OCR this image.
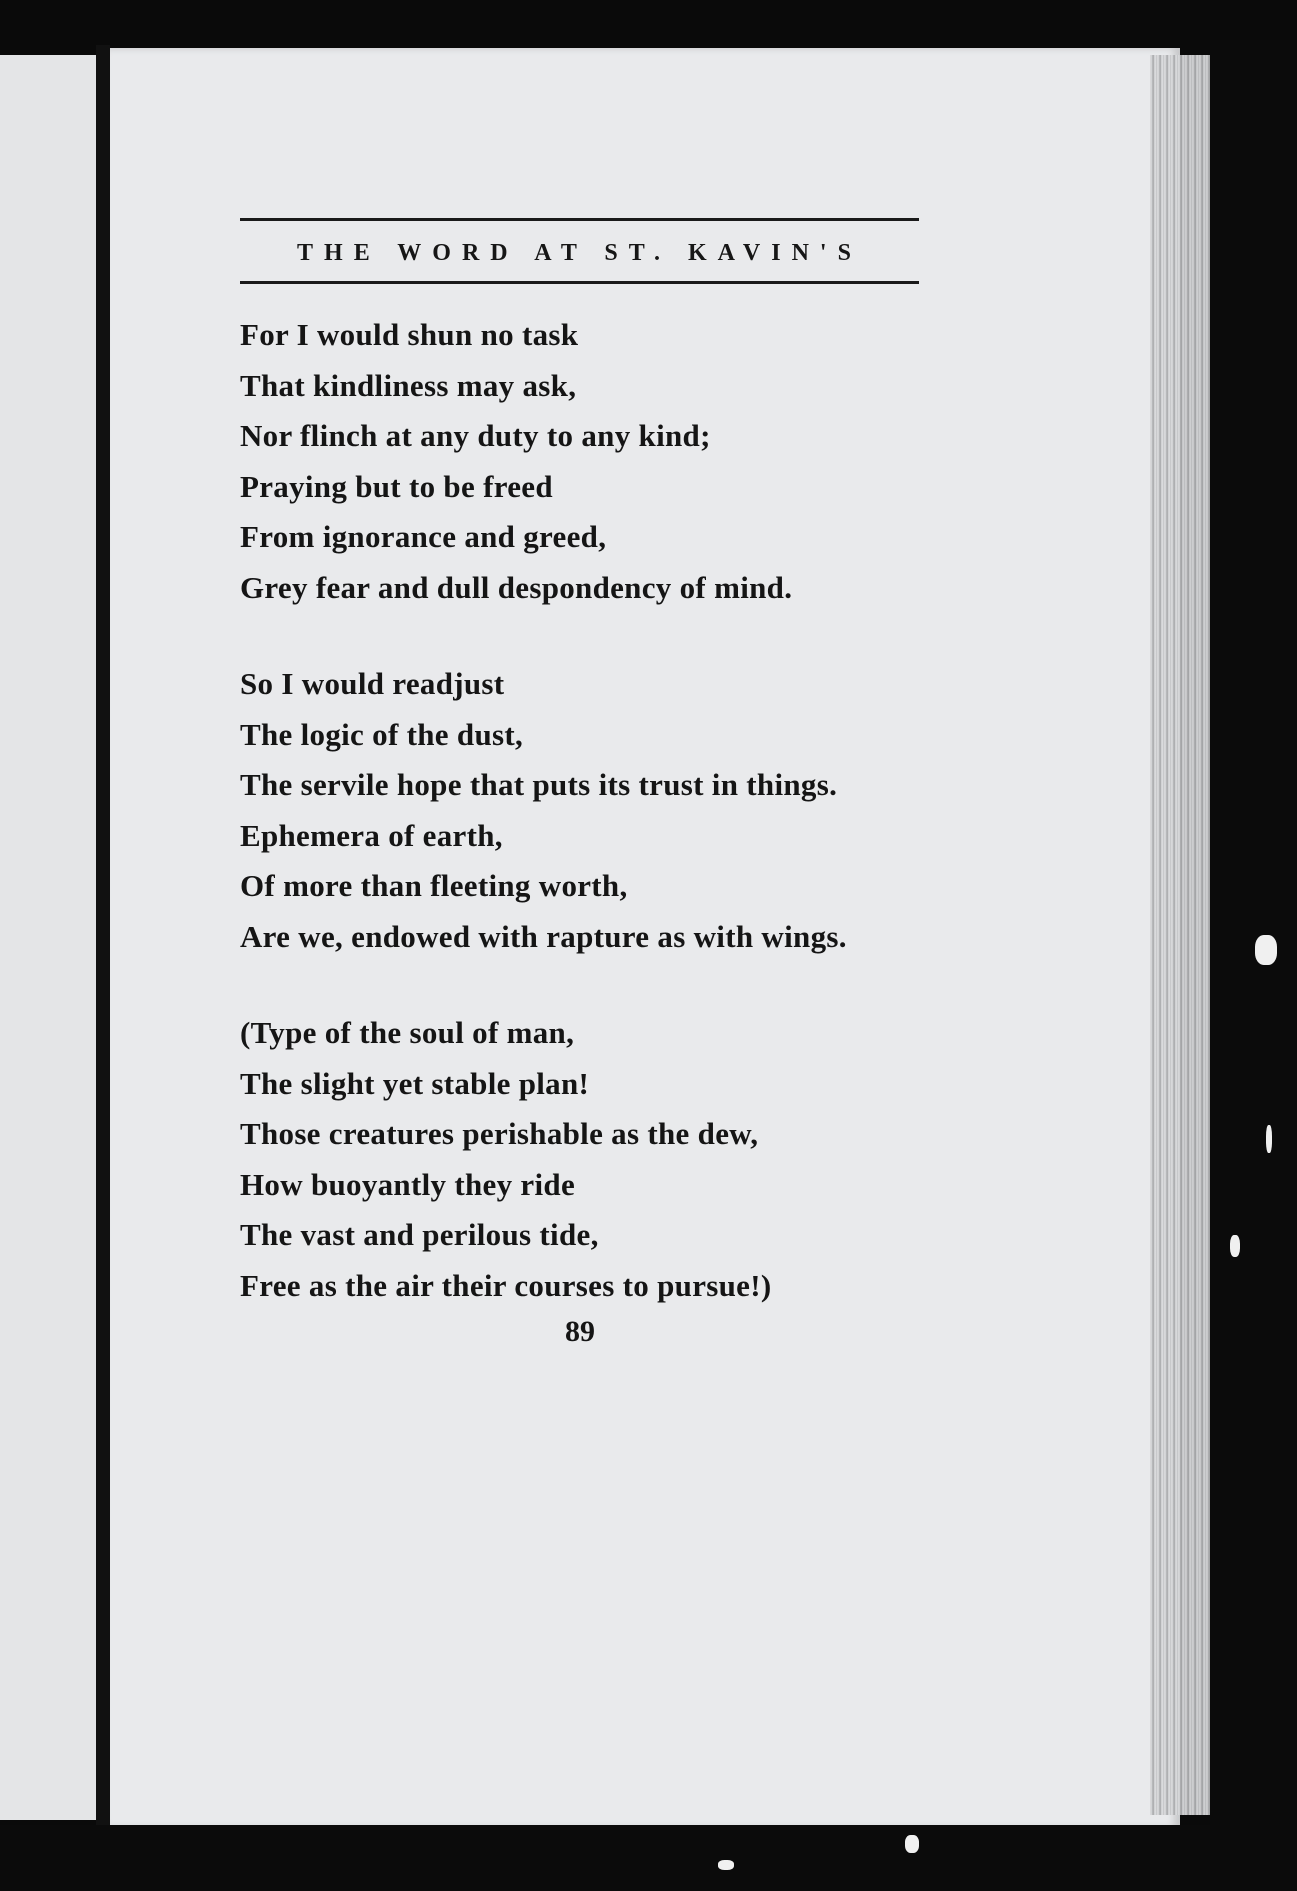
THE WORD AT ST. KAVIN'S
For I would shun no task
That kindliness may ask,
Nor flinch at any duty to any kind;
Praying but to be freed
From ignorance and greed,
Grey fear and dull despondency of mind.
So I would readjust
The logic of the dust,
The servile hope that puts its trust in things.
Ephemera of earth,
Of more than fleeting worth,
Are we, endowed with rapture as with wings.
(Type of the soul of man,
The slight yet stable plan!
Those creatures perishable as the dew,
How buoyantly they ride
The vast and perilous tide,
Free as the air their courses to pursue!)
89
